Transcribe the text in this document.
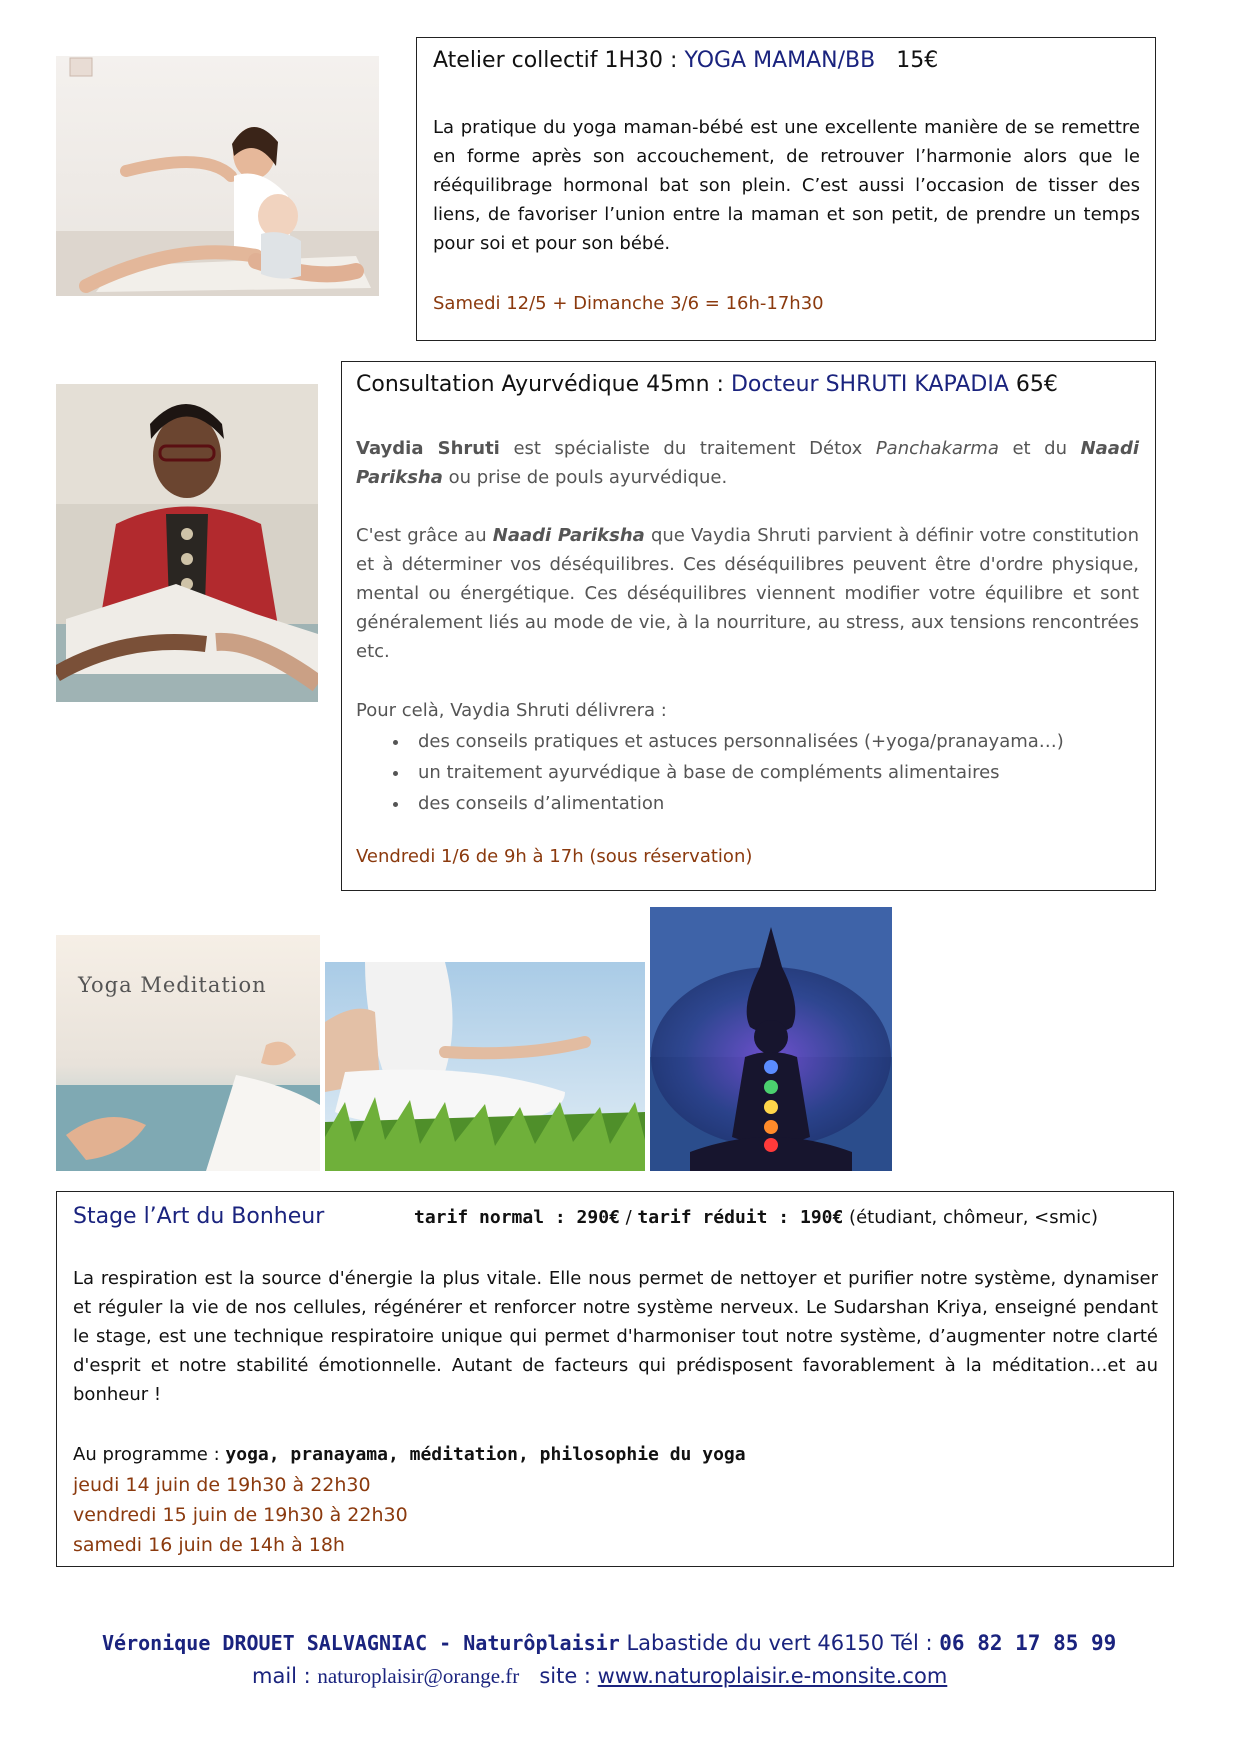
Atelier collectif 1H30 : YOGA MAMAN/BB 15€
La pratique du yoga maman-bébé est une excellente manière de se remettre en forme après son accouchement, de retrouver l’harmonie alors que le rééquilibrage hormonal bat son plein. C’est aussi l’occasion de tisser des liens, de favoriser l’union entre la maman et son petit, de prendre un temps pour soi et pour son bébé.
Samedi 12/5 + Dimanche 3/6 = 16h-17h30
Consultation Ayurvédique 45mn : Docteur SHRUTI KAPADIA 65€
Vaydia Shruti est spécialiste du traitement Détox Panchakarma et du Naadi Pariksha ou prise de pouls ayurvédique.
C'est grâce au Naadi Pariksha que Vaydia Shruti parvient à définir votre constitution et à déterminer vos déséquilibres. Ces déséquilibres peuvent être d'ordre physique, mental ou énergétique. Ces déséquilibres viennent modifier votre équilibre et sont généralement liés au mode de vie, à la nourriture, au stress, aux tensions rencontrées etc.
Pour celà, Vaydia Shruti délivrera :
• des conseils pratiques et astuces personnalisées (+yoga/pranayama…)
• un traitement ayurvédique à base de compléments alimentaires
• des conseils d’alimentation
Vendredi 1/6 de 9h à 17h (sous réservation)
Yoga Meditation
Stage l’Art du Bonheur	tarif normal : 290€ / tarif réduit : 190€ (étudiant, chômeur, <smic)
La respiration est la source d'énergie la plus vitale. Elle nous permet de nettoyer et purifier notre système, dynamiser et réguler la vie de nos cellules, régénérer et renforcer notre système nerveux. Le Sudarshan Kriya, enseigné pendant le stage, est une technique respiratoire unique qui permet d'harmoniser tout notre système, d’augmenter notre clarté d'esprit et notre stabilité émotionnelle. Autant de facteurs qui prédisposent favorablement à la méditation…et au bonheur !
Au programme : yoga, pranayama, méditation, philosophie du yoga
jeudi 14 juin de 19h30 à 22h30
vendredi 15 juin de 19h30 à 22h30
samedi 16 juin de 14h à 18h
Véronique DROUET SALVAGNIAC - Naturôplaisir Labastide du vert 46150 Tél : 06 82 17 85 99
mail : naturoplaisir@orange.fr site : www.naturoplaisir.e-monsite.com
